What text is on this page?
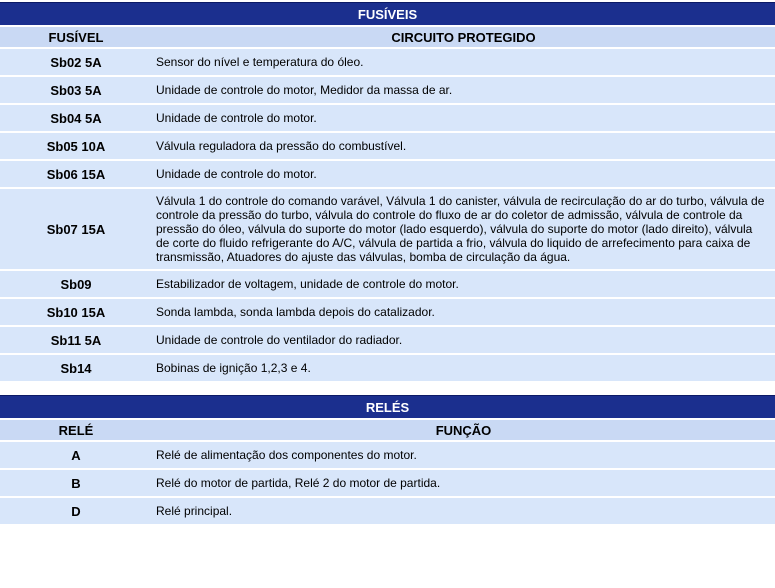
FUSÍVEIS	
FUSÍVEL	CIRCUITO PROTEGIDO
Sb02 5A	Sensor do nível e temperatura do óleo.
Sb03 5A	Unidade de controle do motor, Medidor da massa de ar.
Sb04 5A	Unidade de controle do motor.
Sb05 10A	Válvula reguladora da pressão do combustível.
Sb06 15A	Unidade de controle do motor.
Sb07 15A	Válvula 1 do controle do comando varável, Válvula 1 do canister, válvula de recirculação do ar do turbo, válvula de controle da pressão do turbo, válvula do controle do fluxo de ar do coletor de admissão, válvula de controle da pressão do óleo, válvula do suporte do motor (lado esquerdo), válvula do suporte do motor (lado direito), válvula de corte do fluido refrigerante do A/C, válvula de partida a frio, válvula do liquido de arrefecimento para caixa de transmissão, Atuadores do ajuste das válvulas, bomba de circulação da água.
Sb09	Estabilizador de voltagem, unidade de controle do motor.
Sb10 15A	Sonda lambda, sonda lambda depois do catalizador.
Sb11 5A	Unidade de controle do ventilador do radiador.
Sb14	Bobinas de ignição 1,2,3 e 4.
RELÉS	
RELÉ	FUNÇÃO
A	Relé de alimentação dos componentes do motor.
B	Relé do motor de partida, Relé 2 do motor de partida.
D	Relé principal.
